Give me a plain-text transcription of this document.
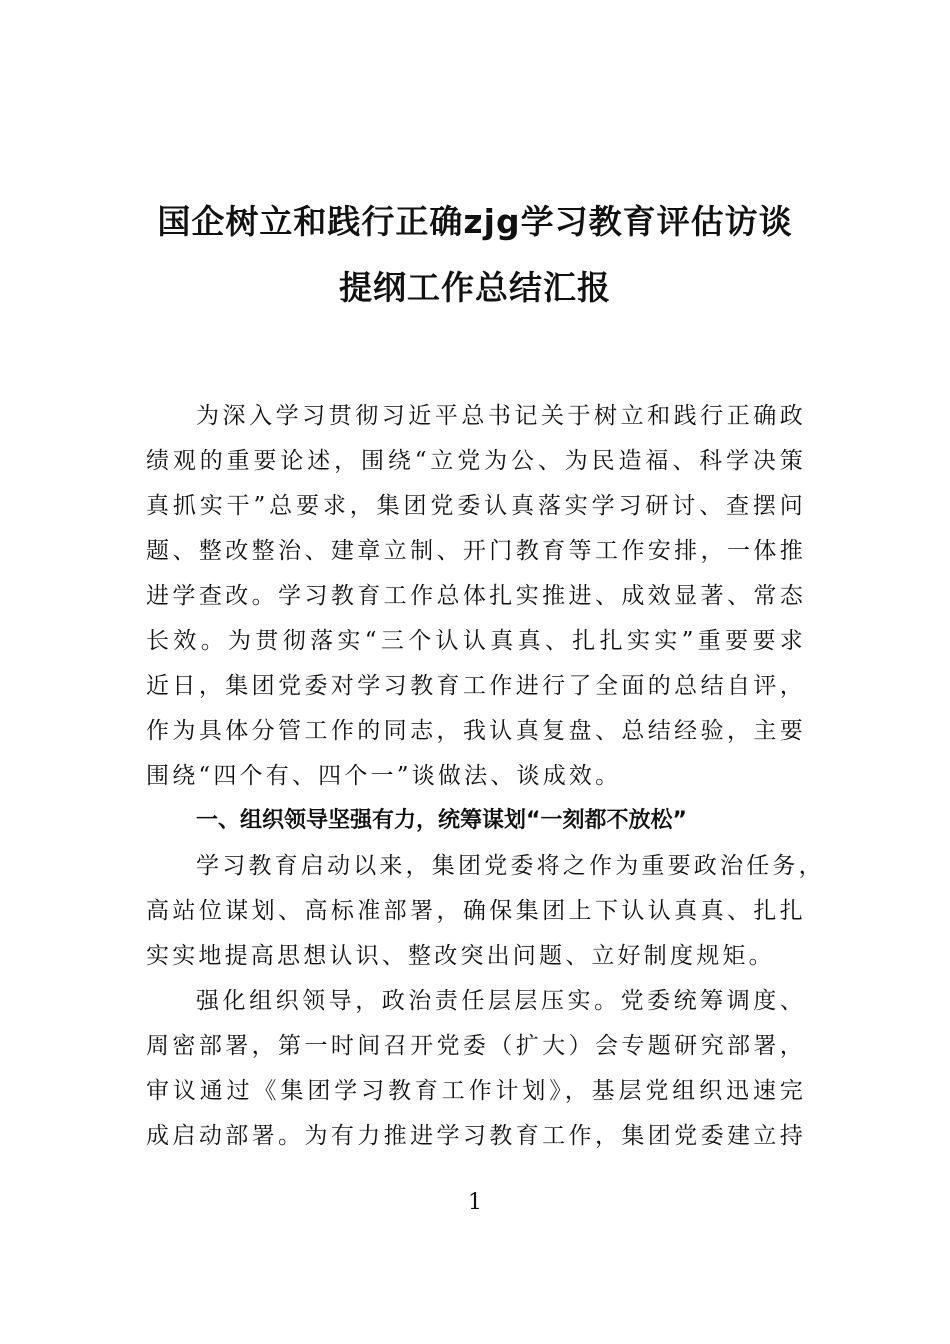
国企树立和践行正确zjg学习教育评估访谈
提纲工作总结汇报
为深入学习贯彻习近平总书记关于树立和践行正确政
绩观的重要论述，围绕“立党为公、为民造福、科学决策
真抓实干”总要求，集团党委认真落实学习研讨、查摆问
题、整改整治、建章立制、开门教育等工作安排，一体推
进学查改。学习教育工作总体扎实推进、成效显著、常态
长效。为贯彻落实“三个认认真真、扎扎实实”重要要求
近日，集团党委对学习教育工作进行了全面的总结自评，
作为具体分管工作的同志，我认真复盘、总结经验，主要
围绕“四个有、四个一”谈做法、谈成效。
一、组织领导坚强有力，统筹谋划“一刻都不放松”
学习教育启动以来，集团党委将之作为重要政治任务，
高站位谋划、高标准部署，确保集团上下认认真真、扎扎
实实地提高思想认识、整改突出问题、立好制度规矩。
强化组织领导，政治责任层层压实。党委统筹调度、
周密部署，第一时间召开党委（扩大）会专题研究部署，
审议通过《集团学习教育工作计划》，基层党组织迅速完
成启动部署。为有力推进学习教育工作，集团党委建立持
1
